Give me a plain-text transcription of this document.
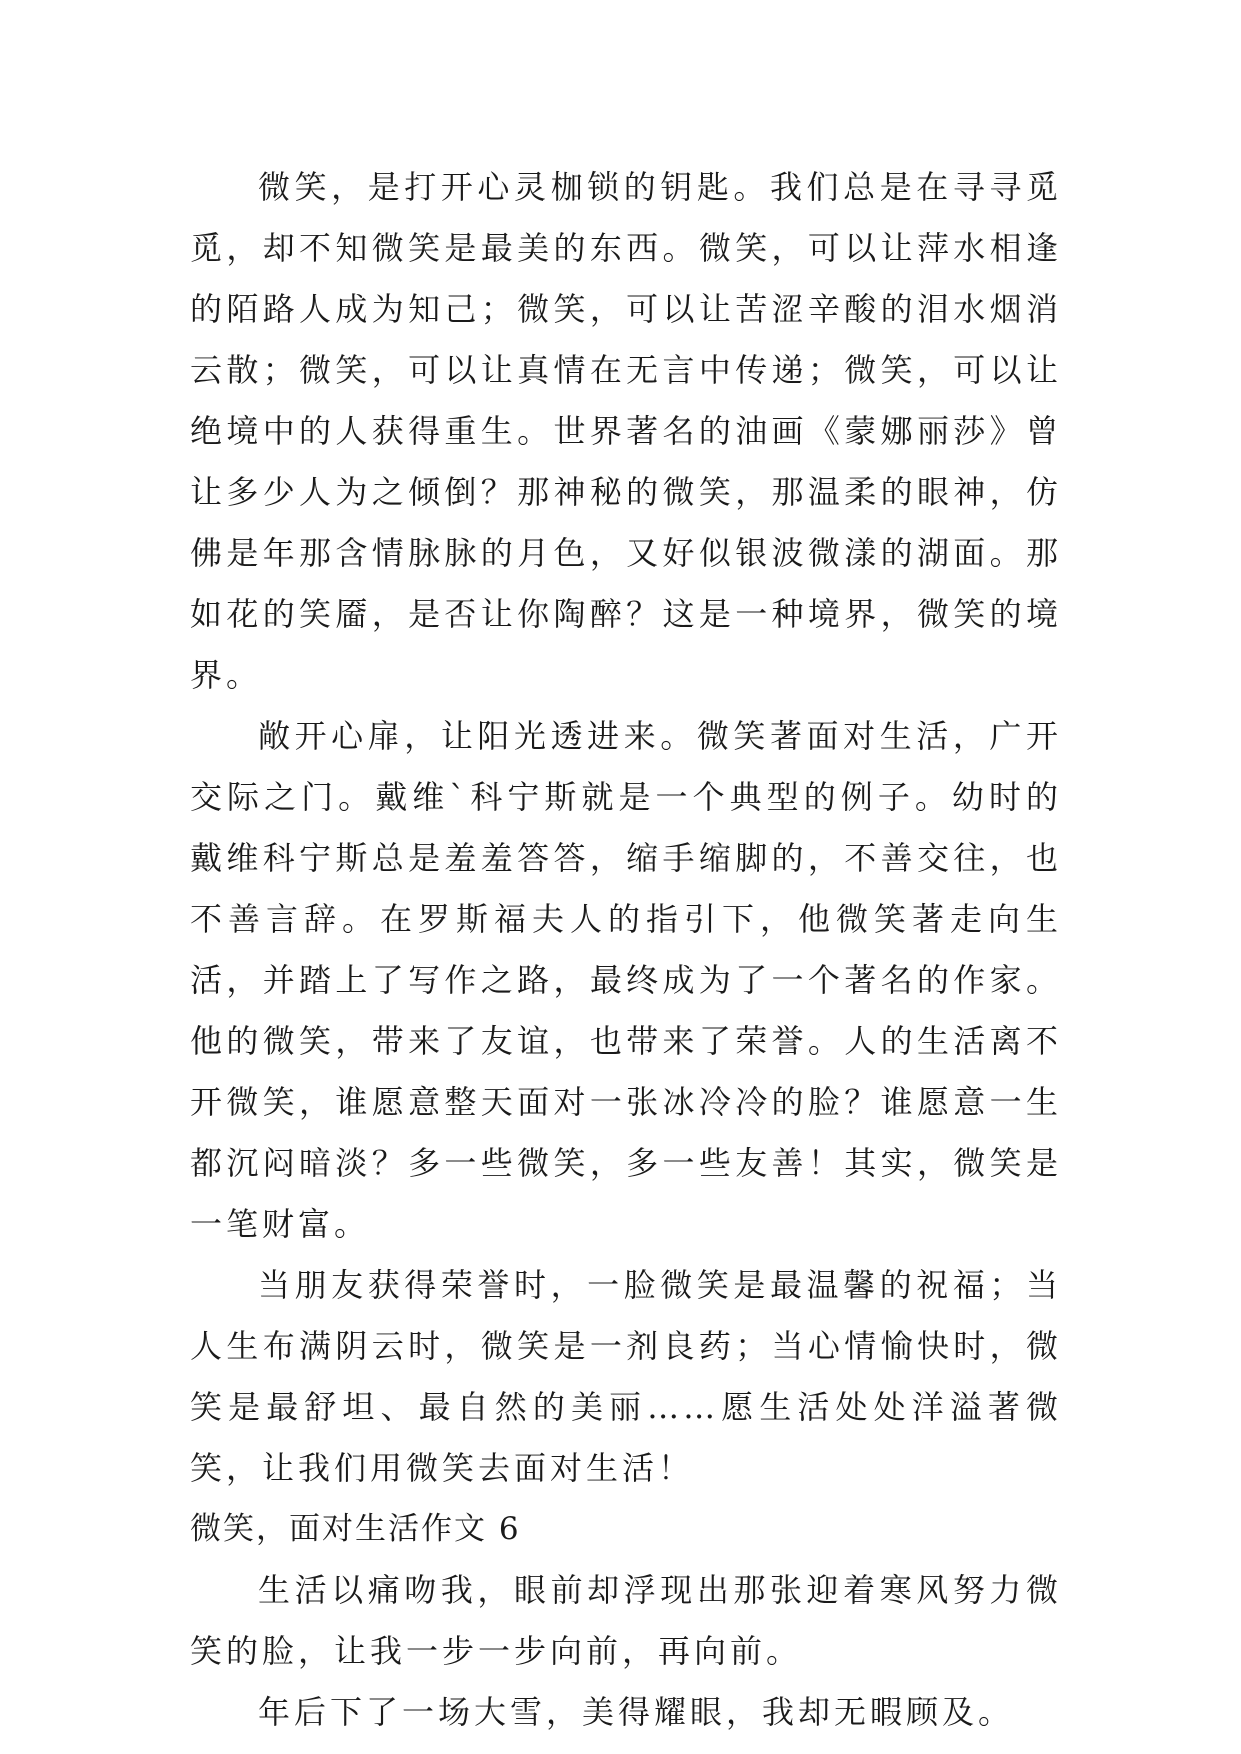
微笑，是打开心灵枷锁的钥匙。我们总是在寻寻觅觅，却不知微笑是最美的东西。微笑，可以让萍水相逢的陌路人成为知己；微笑，可以让苦涩辛酸的泪水烟消云散；微笑，可以让真情在无言中传递；微笑，可以让绝境中的人获得重生。世界著名的油画《蒙娜丽莎》曾让多少人为之倾倒？那神秘的微笑，那温柔的眼神，仿佛是年那含情脉脉的月色，又好似银波微漾的湖面。那如花的笑靥，是否让你陶醉？这是一种境界，微笑的境界。

敞开心扉，让阳光透进来。微笑著面对生活，广开交际之门。戴维`科宁斯就是一个典型的例子。幼时的戴维科宁斯总是羞羞答答，缩手缩脚的，不善交往，也不善言辞。在罗斯福夫人的指引下，他微笑著走向生活，并踏上了写作之路，最终成为了一个著名的作家。他的微笑，带来了友谊，也带来了荣誉。人的生活离不开微笑，谁愿意整天面对一张冰冷冷的脸？谁愿意一生都沉闷暗淡？多一些微笑，多一些友善！其实，微笑是一笔财富。

当朋友获得荣誉时，一脸微笑是最温馨的祝福；当人生布满阴云时，微笑是一剂良药；当心情愉快时，微笑是最舒坦、最自然的美丽……愿生活处处洋溢著微笑，让我们用微笑去面对生活！

微笑，面对生活作文 6

生活以痛吻我，眼前却浮现出那张迎着寒风努力微笑的脸，让我一步一步向前，再向前。

年后下了一场大雪，美得耀眼，我却无暇顾及。
